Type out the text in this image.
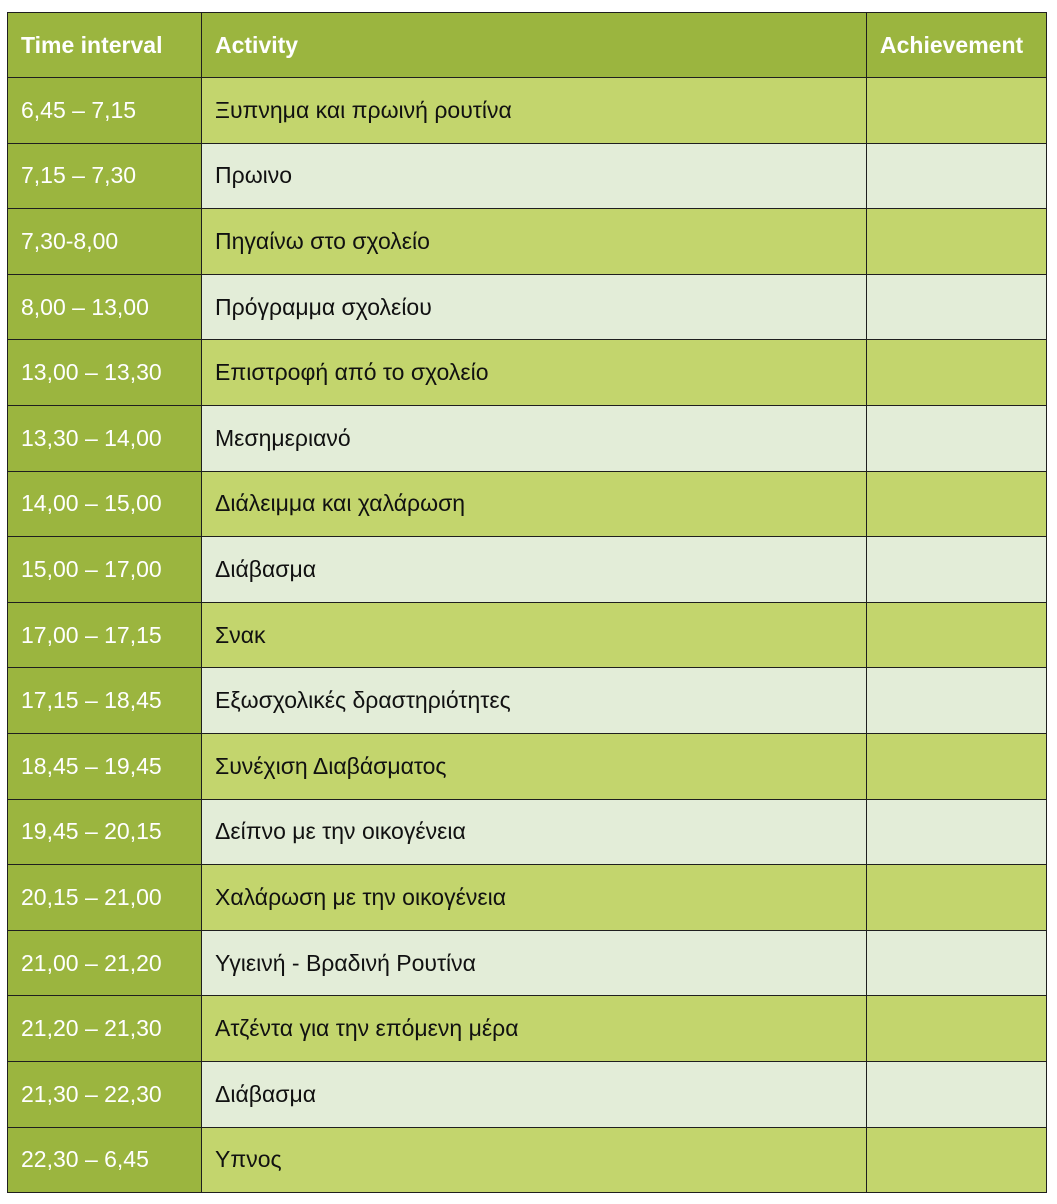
Time interval	Activity	Achievement
6,45 – 7,15	Ξυπνημα και πρωινή ρουτίνα	
7,15 – 7,30	Πρωινο	
7,30-8,00	Πηγαίνω στο σχολείο	
8,00 – 13,00	Πρόγραμμα σχολείου	
13,00 – 13,30	Επιστροφή από το σχολείο	
13,30 – 14,00	Μεσημεριανό	
14,00 – 15,00	Διάλειμμα και χαλάρωση	
15,00 – 17,00	Διάβασμα	
17,00 – 17,15	Σνακ	
17,15 – 18,45	Εξωσχολικές δραστηριότητες	
18,45 – 19,45	Συνέχιση Διαβάσματος	
19,45 – 20,15	Δείπνο με την οικογένεια	
20,15 – 21,00	Χαλάρωση με την οικογένεια	
21,00 – 21,20	Υγιεινή - Βραδινή Ρουτίνα	
21,20 – 21,30	Ατζέντα για την επόμενη μέρα	
21,30 – 22,30	Διάβασμα	
22,30 – 6,45	Υπνος	
